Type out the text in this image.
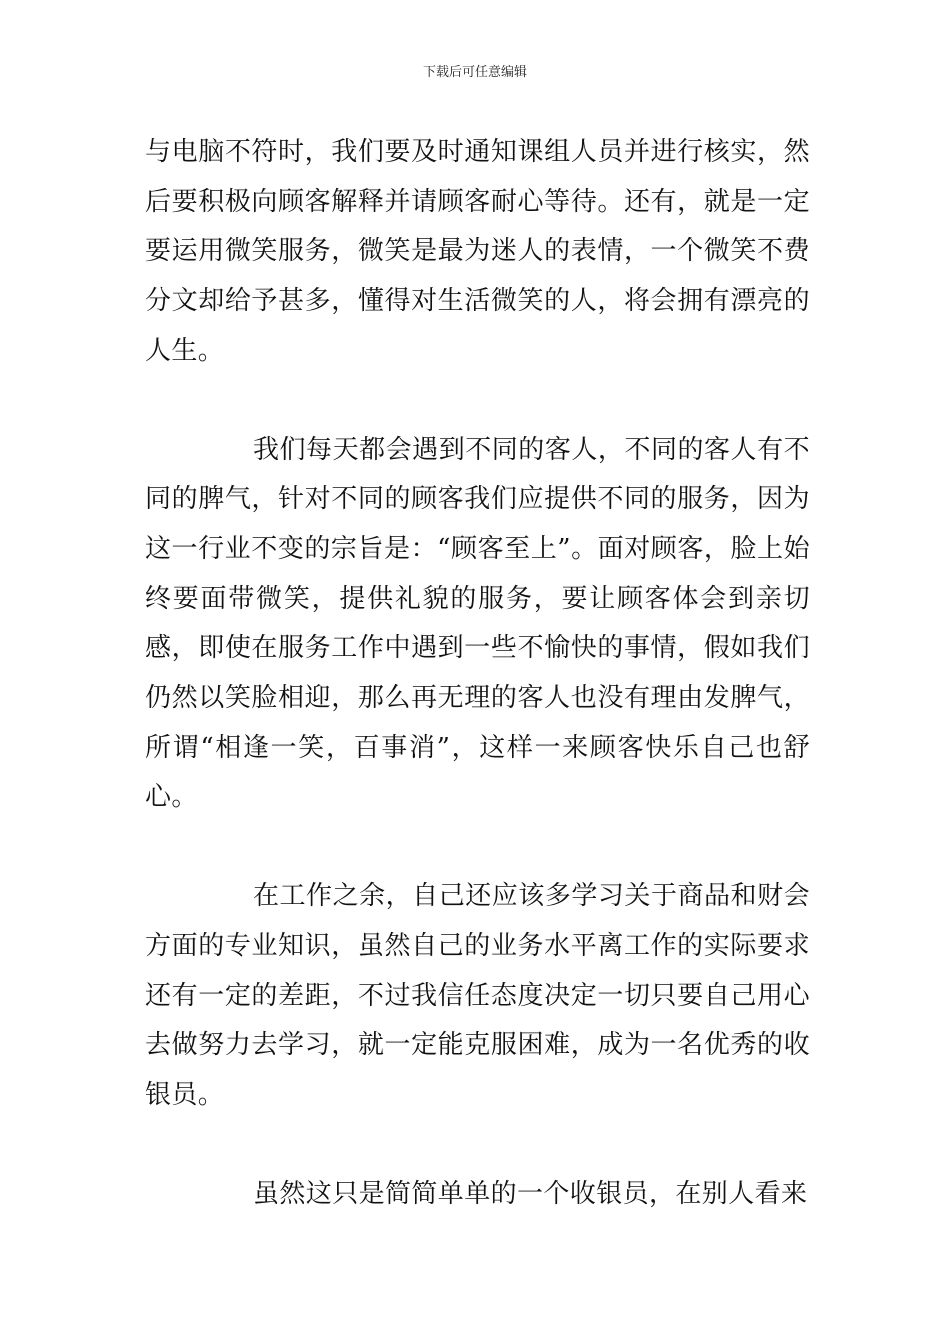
下载后可任意编辑

与电脑不符时，我们要及时通知课组人员并进行核实，然后要积极向顾客解释并请顾客耐心等待。还有，就是一定要运用微笑服务，微笑是最为迷人的表情，一个微笑不费分文却给予甚多，懂得对生活微笑的人，将会拥有漂亮的人生。

我们每天都会遇到不同的客人，不同的客人有不同的脾气，针对不同的顾客我们应提供不同的服务，因为这一行业不变的宗旨是：“顾客至上”。面对顾客，脸上始终要面带微笑，提供礼貌的服务，要让顾客体会到亲切感，即使在服务工作中遇到一些不愉快的事情，假如我们仍然以笑脸相迎，那么再无理的客人也没有理由发脾气，所谓“相逢一笑，百事消”，这样一来顾客快乐自己也舒心。

在工作之余，自己还应该多学习关于商品和财会方面的专业知识，虽然自己的业务水平离工作的实际要求还有一定的差距，不过我信任态度决定一切只要自己用心去做努力去学习，就一定能克服困难，成为一名优秀的收银员。

虽然这只是简简单单的一个收银员，在别人看来
